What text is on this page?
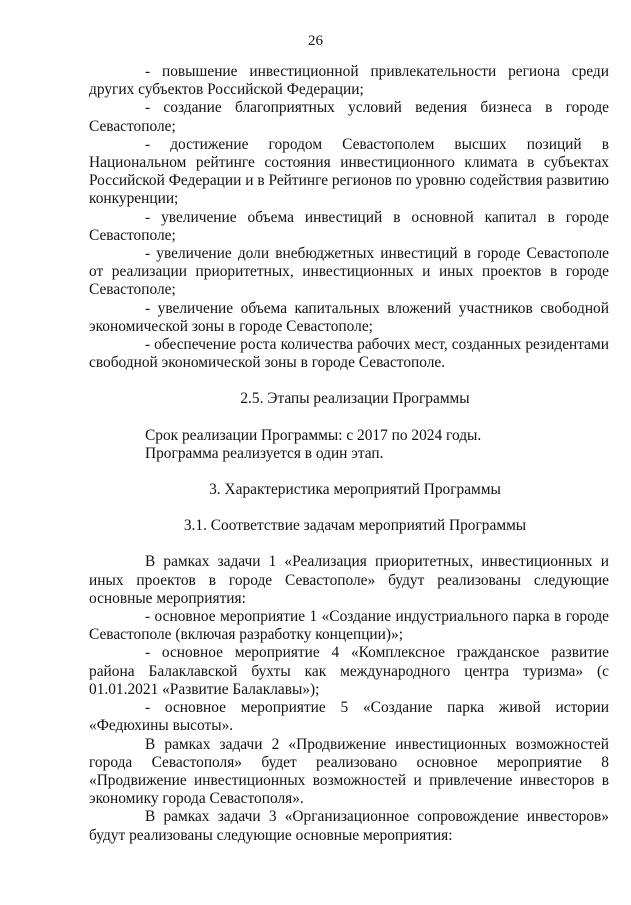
26

- повышение инвестиционной привлекательности региона среди других субъектов Российской Федерации;

- создание благоприятных условий ведения бизнеса в городе Севастополе;

- достижение городом Севастополем высших позиций в Национальном рейтинге состояния инвестиционного климата в субъектах Российской Федерации и в Рейтинге регионов по уровню содействия развитию конкуренции;

- увеличение объема инвестиций в основной капитал в городе Севастополе;

- увеличение доли внебюджетных инвестиций в городе Севастополе от реализации приоритетных, инвестиционных и иных проектов в городе Севастополе;

- увеличение объема капитальных вложений участников свободной экономической зоны в городе Севастополе;

- обеспечение роста количества рабочих мест, созданных резидентами свободной экономической зоны в городе Севастополе.

2.5. Этапы реализации Программы

Срок реализации Программы: с 2017 по 2024 годы.

Программа реализуется в один этап.

3. Характеристика мероприятий Программы

3.1. Соответствие задачам мероприятий Программы

В рамках задачи 1 «Реализация приоритетных, инвестиционных и иных проектов в городе Севастополе» будут реализованы следующие основные мероприятия:

- основное мероприятие 1 «Создание индустриального парка в городе Севастополе (включая разработку концепции)»;

- основное мероприятие 4 «Комплексное гражданское развитие района Балаклавской бухты как международного центра туризма» (с 01.01.2021 «Развитие Балаклавы»);

- основное мероприятие 5 «Создание парка живой истории «Федюхины высоты».

В рамках задачи 2 «Продвижение инвестиционных возможностей города Севастополя» будет реализовано основное мероприятие 8 «Продвижение инвестиционных возможностей и привлечение инвесторов в экономику города Севастополя».

В рамках задачи 3 «Организационное сопровождение инвесторов» будут реализованы следующие основные мероприятия:
